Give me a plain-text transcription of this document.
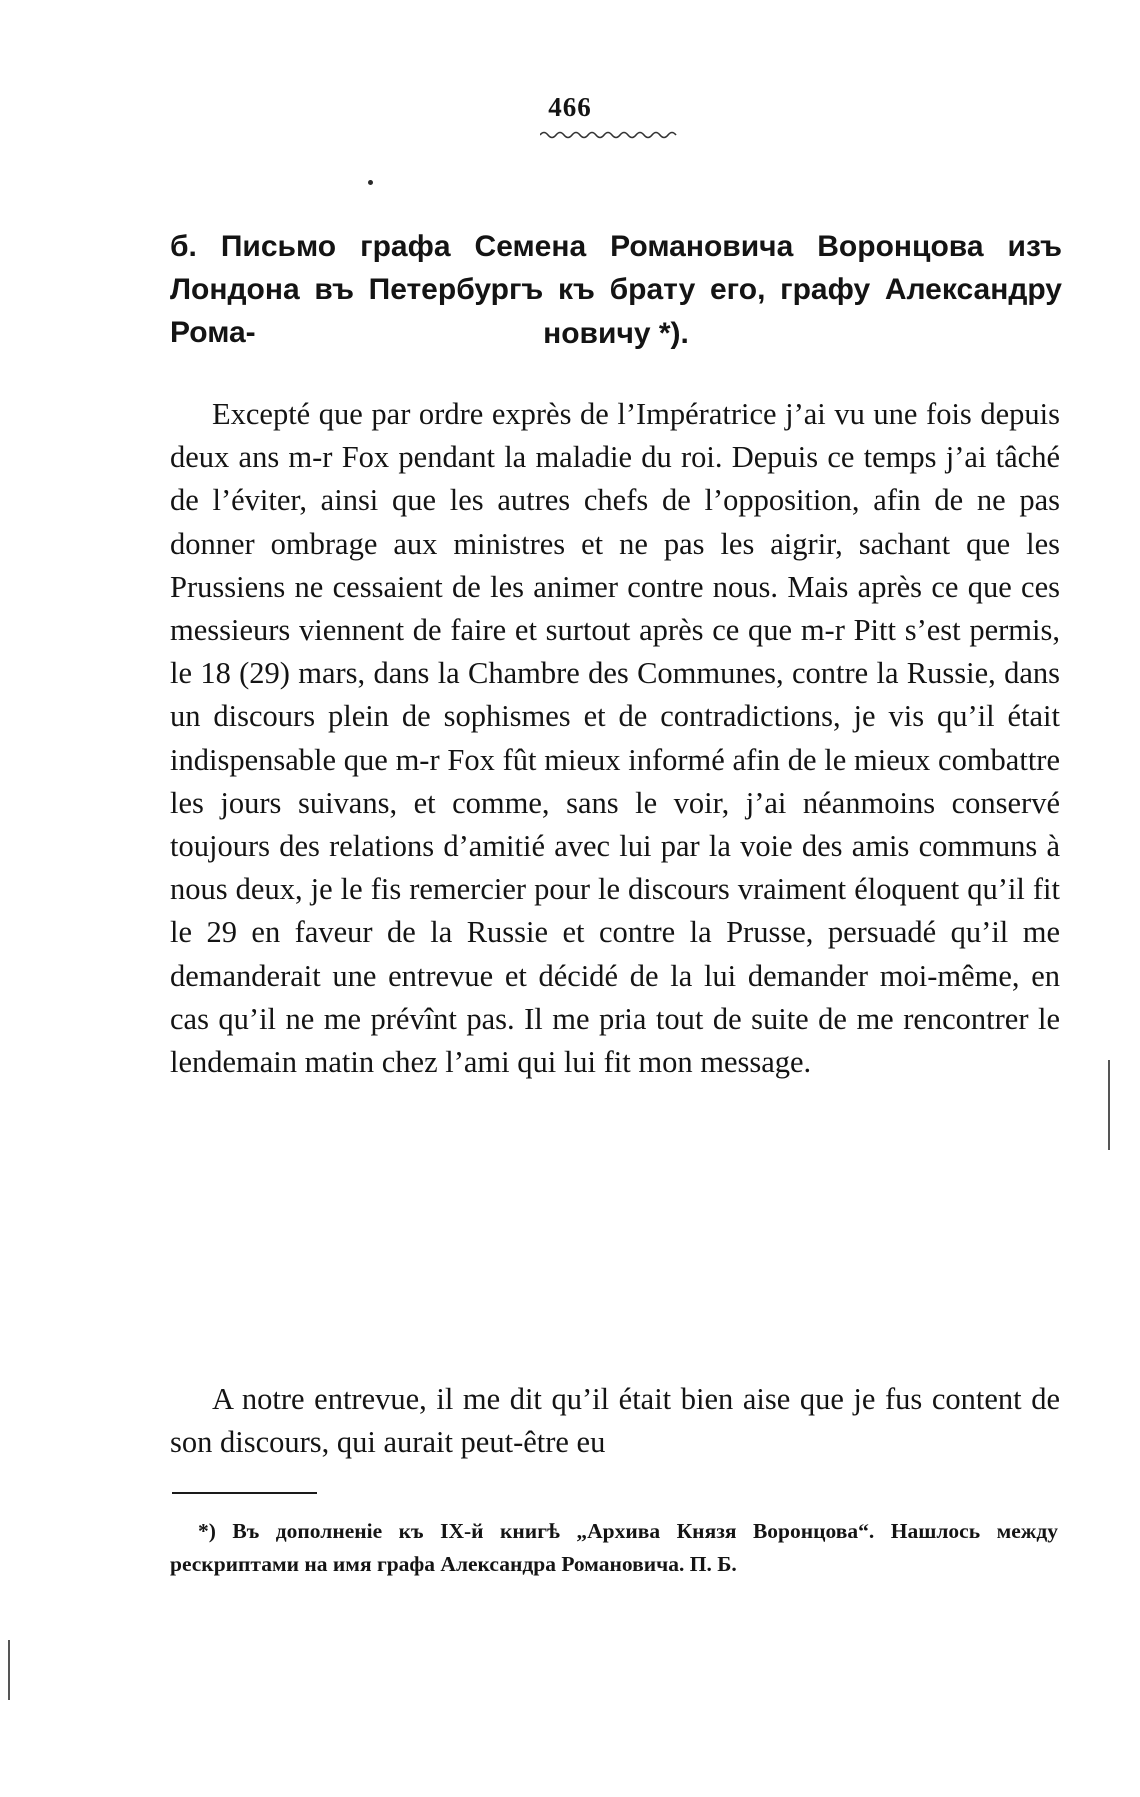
466
б. Письмо графа Семена Романовича Воронцова изъ Лондона въ Петербургъ къ брату его, графу Александру Рома-	новичу *).
Excepté que par ordre exprès de l’Impératrice j’ai vu une fois depuis deux ans m-r Fox pendant la maladie du roi. Depuis ce temps j’ai tâché de l’éviter, ainsi que les autres chefs de l’opposition, afin de ne pas donner ombrage aux ministres et ne pas les aigrir, sachant que les Prussiens ne cessaient de les animer contre nous. Mais après ce que ces messieurs viennent de faire et surtout après ce que m-r Pitt s’est permis, le 18 (29) mars, dans la Chambre des Communes, contre la Russie, dans un discours plein de sophismes et de contradictions, je vis qu’il était indispensable que m-r Fox fût mieux informé afin de le mieux combattre les jours suivans, et comme, sans le voir, j’ai néanmoins conservé toujours des relations d’amitié avec lui par la voie des amis communs à nous deux, je le fis remercier pour le discours vraiment éloquent qu’il fit le 29 en faveur de la Russie et contre la Prusse, persuadé qu’il me demanderait une entrevue et décidé de la lui demander moi-même, en cas qu’il ne me prévînt pas. Il me pria tout de suite de me rencontrer le lendemain matin chez l’ami qui lui fit mon message.
A notre entrevue, il me dit qu’il était bien aise que je fus content de son discours, qui aurait peut-être eu
*) Въ дополненіе къ IX-й книгѣ „Архива Князя Воронцова“. Нашлось между рескриптами на имя графа Александра Романовича. П. Б.
